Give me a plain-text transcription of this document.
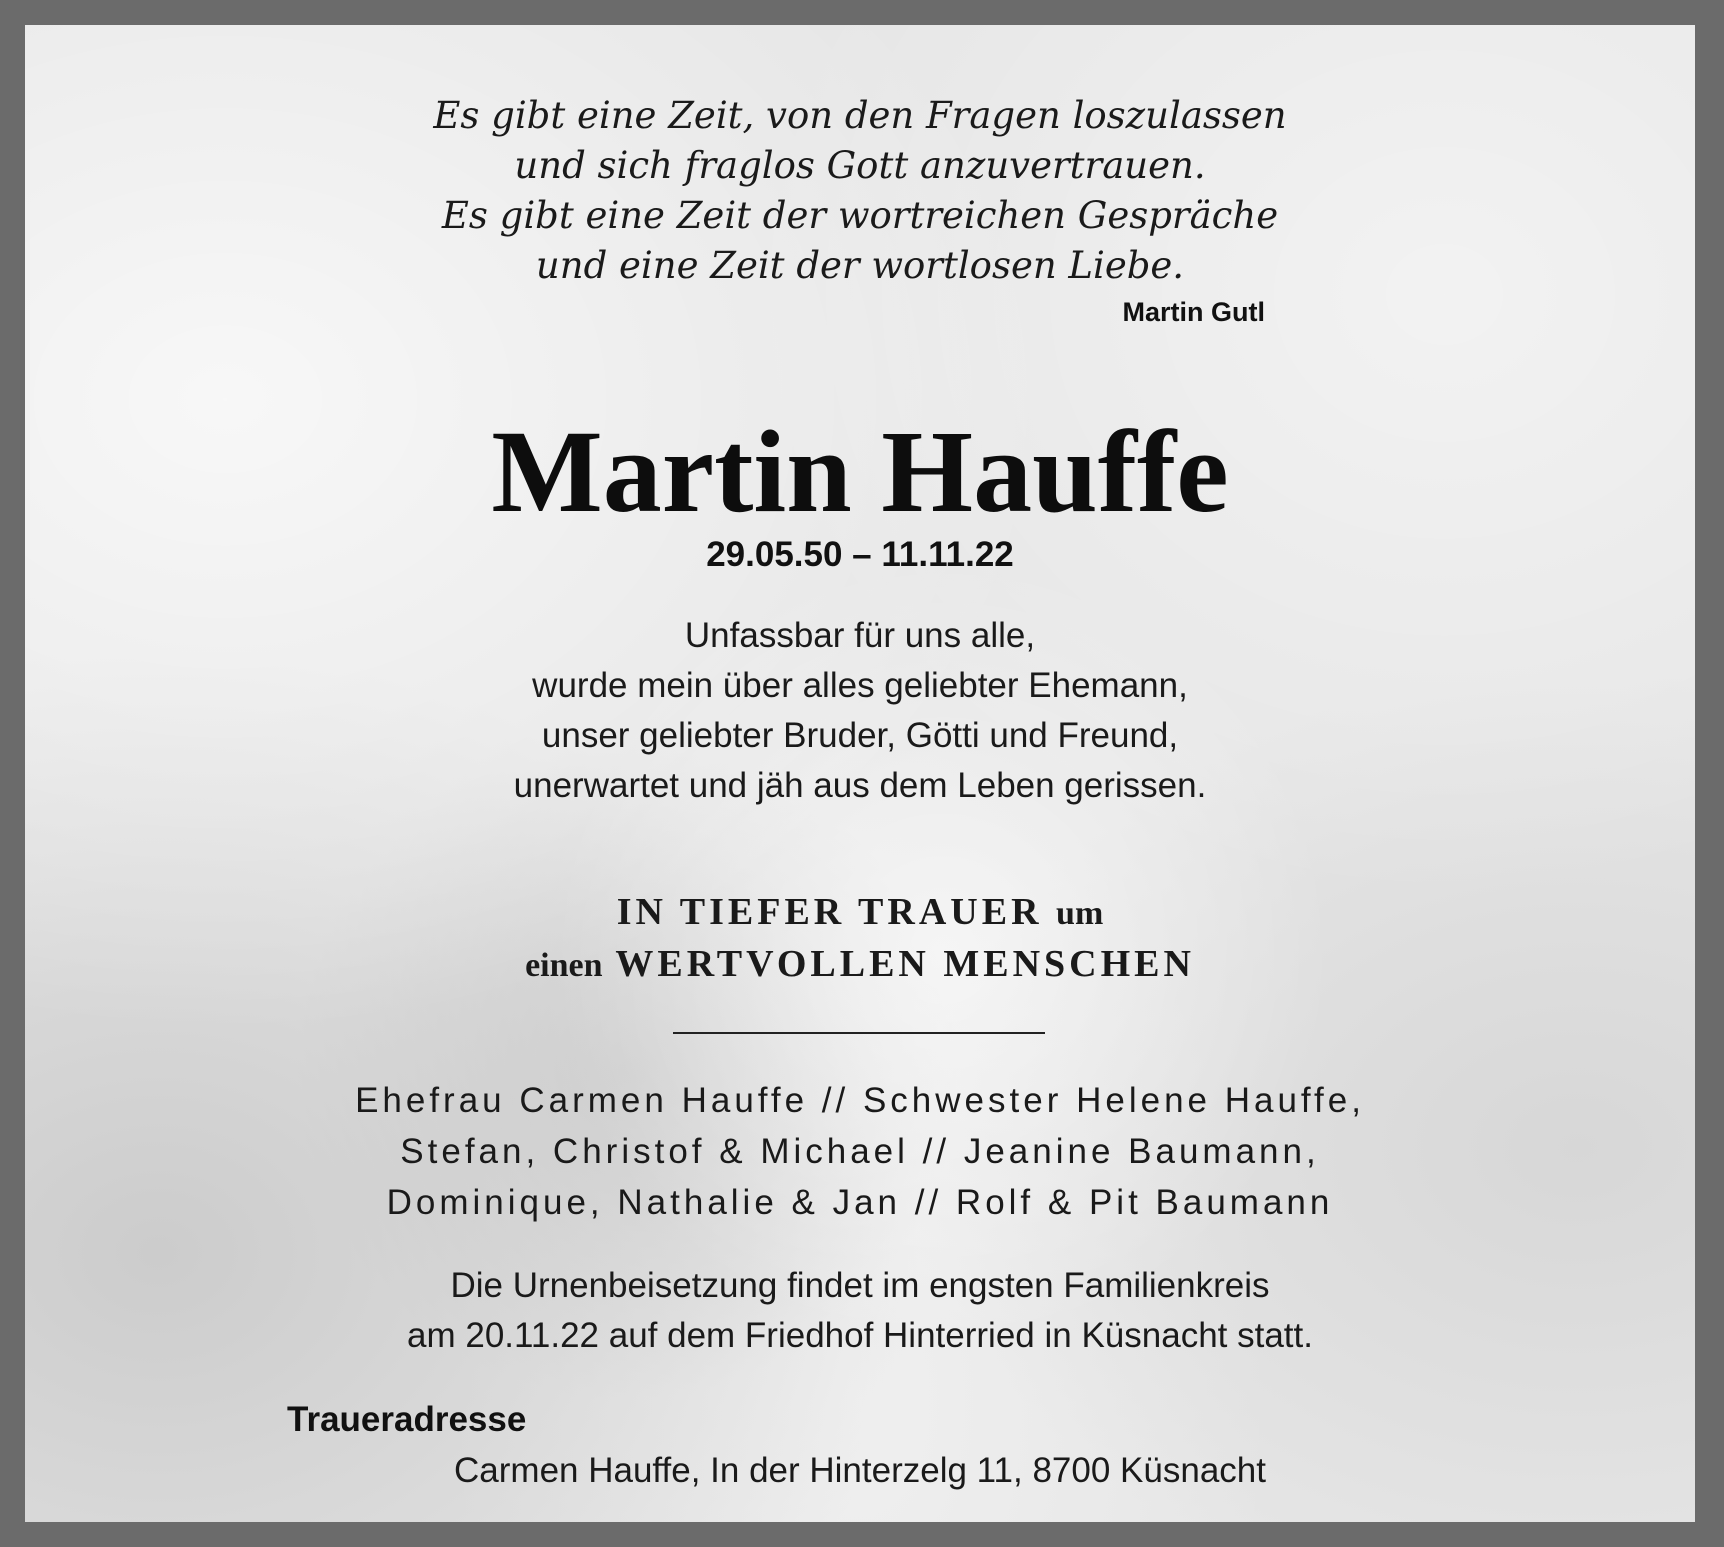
Es gibt eine Zeit, von den Fragen loszulassen
und sich fraglos Gott anzuvertrauen.
Es gibt eine Zeit der wortreichen Gespräche
und eine Zeit der wortlosen Liebe.
Martin Gutl
Martin Hauffe
29.05.50 – 11.11.22
Unfassbar für uns alle,
wurde mein über alles geliebter Ehemann,
unser geliebter Bruder, Götti und Freund,
unerwartet und jäh aus dem Leben gerissen.
IN TIEFER TRAUER um
einen WERTVOLLEN MENSCHEN
Ehefrau Carmen Hauffe // Schwester Helene Hauffe,
Stefan, Christof & Michael // Jeanine Baumann,
Dominique, Nathalie & Jan // Rolf & Pit Baumann
Die Urnenbeisetzung findet im engsten Familienkreis
am 20.11.22 auf dem Friedhof Hinterried in Küsnacht statt.
Traueradresse
Carmen Hauffe, In der Hinterzelg 11, 8700 Küsnacht
